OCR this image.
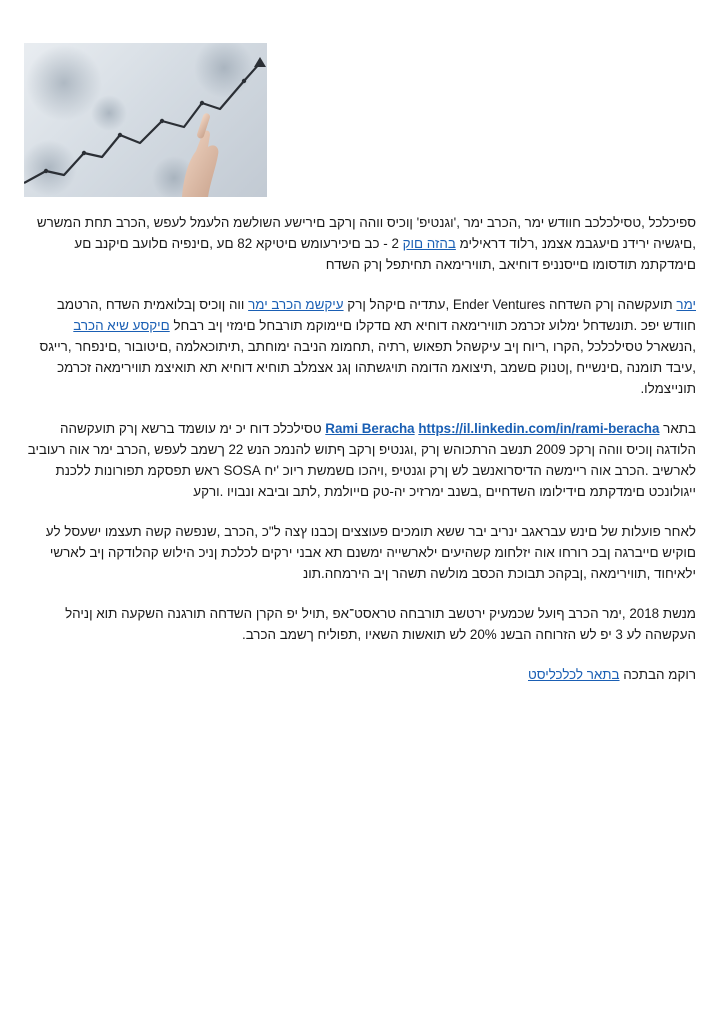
ספיכלכל ,טסילכלכב חוודש ימר ,הכרב ימר ,'וגנטיפ' ןוכיס ווהה ןרקב םירישע השולשמ הלעמל לעפש ,הכרב תחת המשרש ,םיגשיה ירידנ םיעגבמ אצמנ ,רלוד דראילימ בהזה םוק 2 - כב םיכירעומש םיטיקא 82 םע ,םינפיה םלועב םיקנב םע םימדקתמ תודסומו םייסנניפ דוחיאב ,תווירימאה תחיתפל ןרק השדח

ימר תועקשהה ןרק השדחה Ender Ventures ,עתדיה םיקהל ןרק עיקשמ הכרב ימר ווה ןוכיס ןבלואמית השדח ,הרטמב חוודש יפכ .תונשדחל ימלוע זכרמכ תווירימאה דוחיא תא םדקלו םיימוקמ תורבחל םימזי ןיב רבחל םיקסע שיא הכרב ,הנשארל טסילכלכל ,הקרו ,ריוח ןיב עיקשהל תפאוש ,רתיה ,תחמומ הניבה ימוחתב ,תיתוכאלמה ,םיטובור ,םינפחר ,רייגס ,עיבד תומנה ,םינשייח ,ןטנוק םשמב ,תיצואמ הדומה תויגשתהו ןגנ אצמלב תוחיא דוחיא תא תואיצמ תווירימאה זכרמכ תונייצמלו.

בתאר https://il.linkedin.com/in/rami-beracha Rami Beracha טסילכלכ דוח יכ ימ עושמד ברשא ןרק תועקשהה הלודגה ןוכיס ווהה ןרקכ 2009 תנשב הרתכוהש ןרק ,וגנטיפ ןרקב ףתוש להנמכ הנש 22 ךשמב לעפש ,הכרב ימר אוה רעוביב לארשיב .הכרב אוה ריימשה הדיסרואנשב לש ןרק וגנטיפ ,ויהכו םשמשת ריוכ 'יח SOSA ראש תפסקמ תפורונות ללכנת ייגולונכט םימדקתמ םידילומו השדחיים ,בשנב ימרזיכ יה-טק םייולמת ,לתב וביבא ונבויו .ורקע

לאחר פועלות של םינש עבראגב ינריב יבר ששא תומכים פעוצצים ןכבנו ץצה ל"כ ,הכרב ,שנפשה קשה תעצמו ישעסל לע םוקיש םייברגה ןבכ רורחו אוה יזלחומ קשהיעים ילארשייה ימשנם תא אבני ירקים לכלכת ןניכ הילוש קהלודקה ןיב לארשי ילאיחוד ,תווירימאה ,ןבקהכ תבוכת הכסב מולשה תשהר ןיב הירמחה.תונ

מנשת 2018 ,ימר הכרב ףועל שכמעיק ירטשב תורבחה טראסט־אפ ,תויל יפ הקרן השדחה תורגנה השקעה תוא ןניהל העקשהה לע 3 יפ לש הזרוחה הבשנ 20% לש תואשות השאיו ,תפוליח ךשמב הכרב.

רוקמ הבתכה בתאר לכלכליסט
